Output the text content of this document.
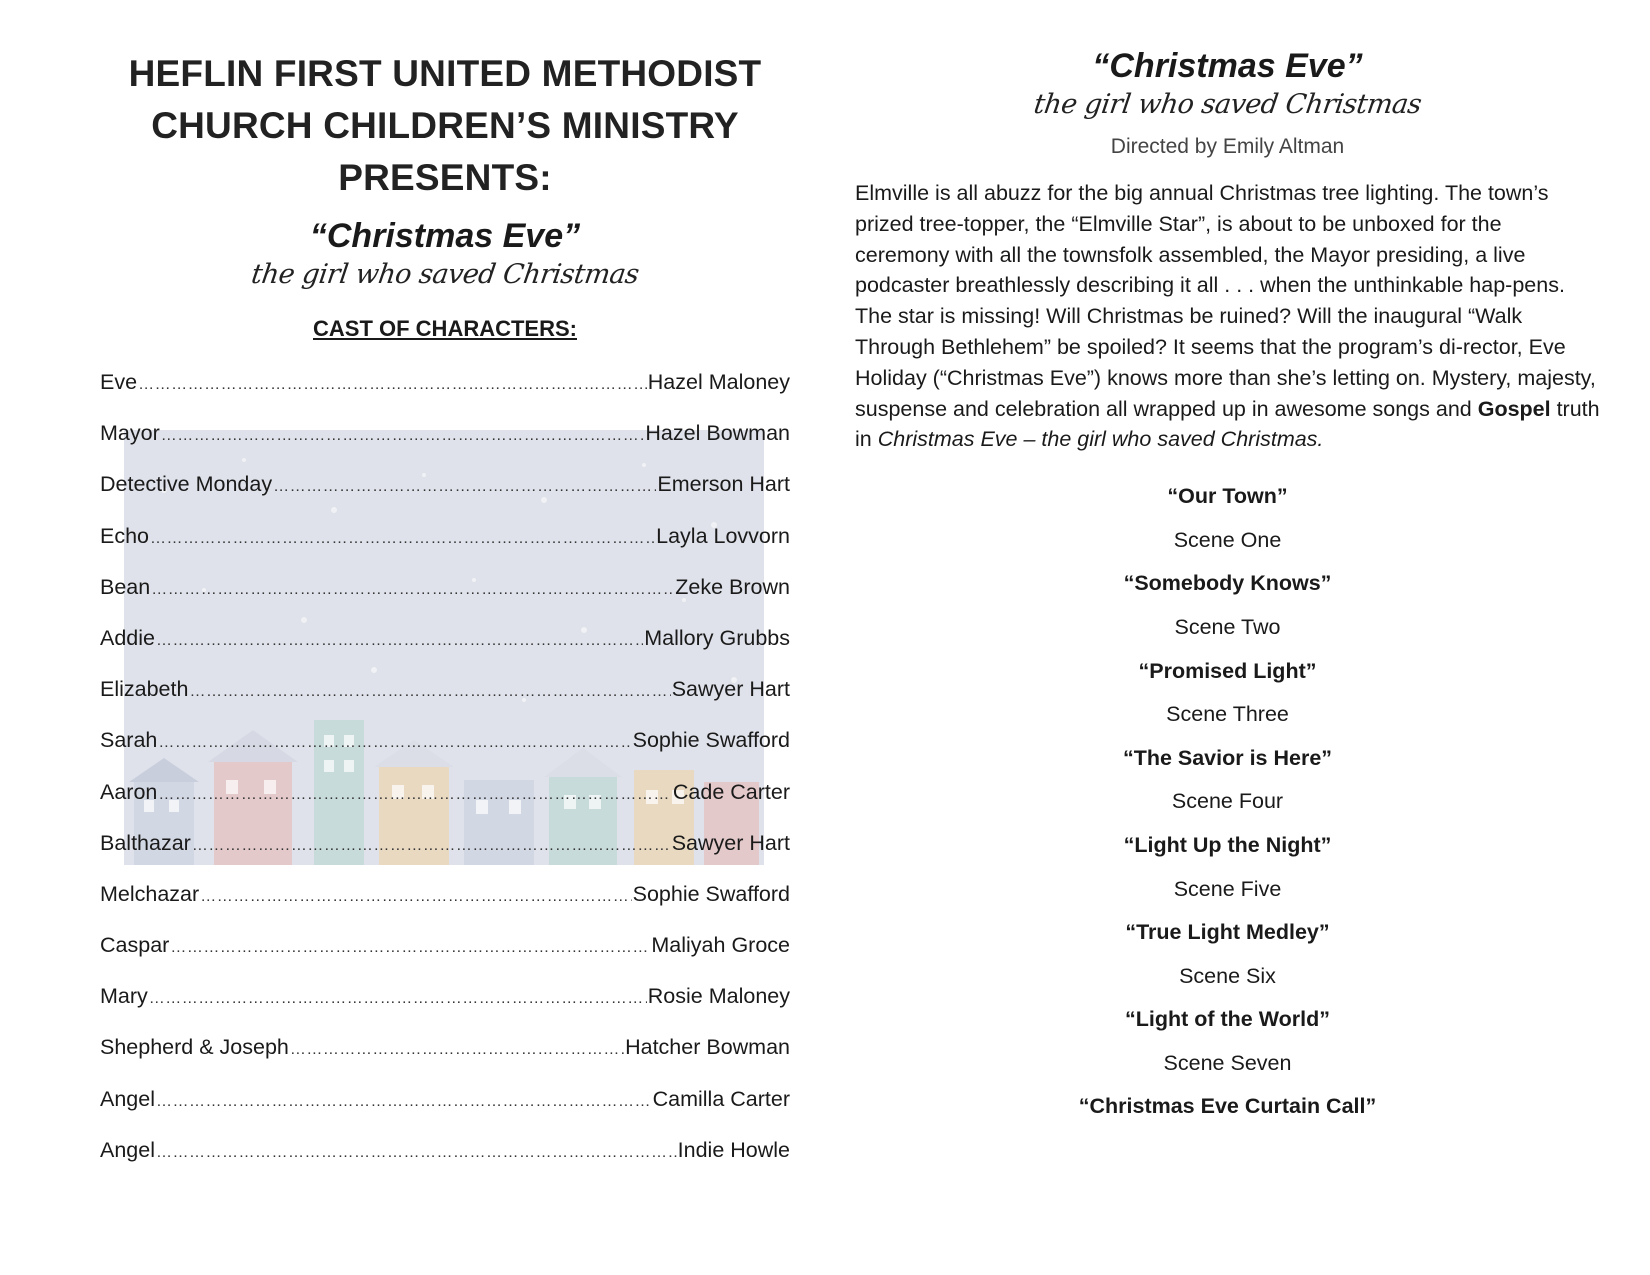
HEFLIN FIRST UNITED METHODIST
CHURCH CHILDREN’S MINISTRY
PRESENTS:
“Christmas Eve”
the girl who saved Christmas
CAST OF CHARACTERS:
Eve …………………………………………………………………………………………………………………………………………………………………………………………………………	Hazel Maloney
Mayor …………………………………………………………………………………………………………………………………………………………………………………………………………	Hazel Bowman
Detective Monday …………………………………………………………………………………………………………………………………………………………………………………………………………	Emerson Hart
Echo …………………………………………………………………………………………………………………………………………………………………………………………………………	Layla Lovvorn
Bean …………………………………………………………………………………………………………………………………………………………………………………………………………	Zeke Brown
Addie …………………………………………………………………………………………………………………………………………………………………………………………………………	Mallory Grubbs
Elizabeth …………………………………………………………………………………………………………………………………………………………………………………………………………	Sawyer Hart
Sarah …………………………………………………………………………………………………………………………………………………………………………………………………………	Sophie Swafford
Aaron …………………………………………………………………………………………………………………………………………………………………………………………………………	Cade Carter
Balthazar …………………………………………………………………………………………………………………………………………………………………………………………………………	Sawyer Hart
Melchazar …………………………………………………………………………………………………………………………………………………………………………………………………………	Sophie Swafford
Caspar …………………………………………………………………………………………………………………………………………………………………………………………………………	Maliyah Groce
Mary …………………………………………………………………………………………………………………………………………………………………………………………………………	Rosie Maloney
Shepherd & Joseph …………………………………………………………………………………………………………………………………………………………………………………………………………	Hatcher Bowman
Angel …………………………………………………………………………………………………………………………………………………………………………………………………………	Camilla Carter
Angel …………………………………………………………………………………………………………………………………………………………………………………………………………	Indie Howle
“Christmas Eve”
the girl who saved Christmas
Directed by Emily Altman

Elmville is all abuzz for the big annual Christmas tree lighting. The town’s prized tree-topper, the “Elmville Star”, is about to be unboxed for the ceremony with all the townsfolk assembled, the Mayor presiding, a live podcaster breathlessly describing it all . . . when the unthinkable hap-pens. The star is missing! Will Christmas be ruined? Will the inaugural “Walk Through Bethlehem” be spoiled? It seems that the program’s di-rector, Eve Holiday (“Christmas Eve”) knows more than she’s letting on. Mystery, majesty, suspense and celebration all wrapped up in awesome songs and Gospel truth in Christmas Eve – the girl who saved Christmas.

“Our Town”
Scene One
“Somebody Knows”
Scene Two
“Promised Light”
Scene Three
“The Savior is Here”
Scene Four
“Light Up the Night”
Scene Five
“True Light Medley”
Scene Six
“Light of the World”
Scene Seven
“Christmas Eve Curtain Call”
